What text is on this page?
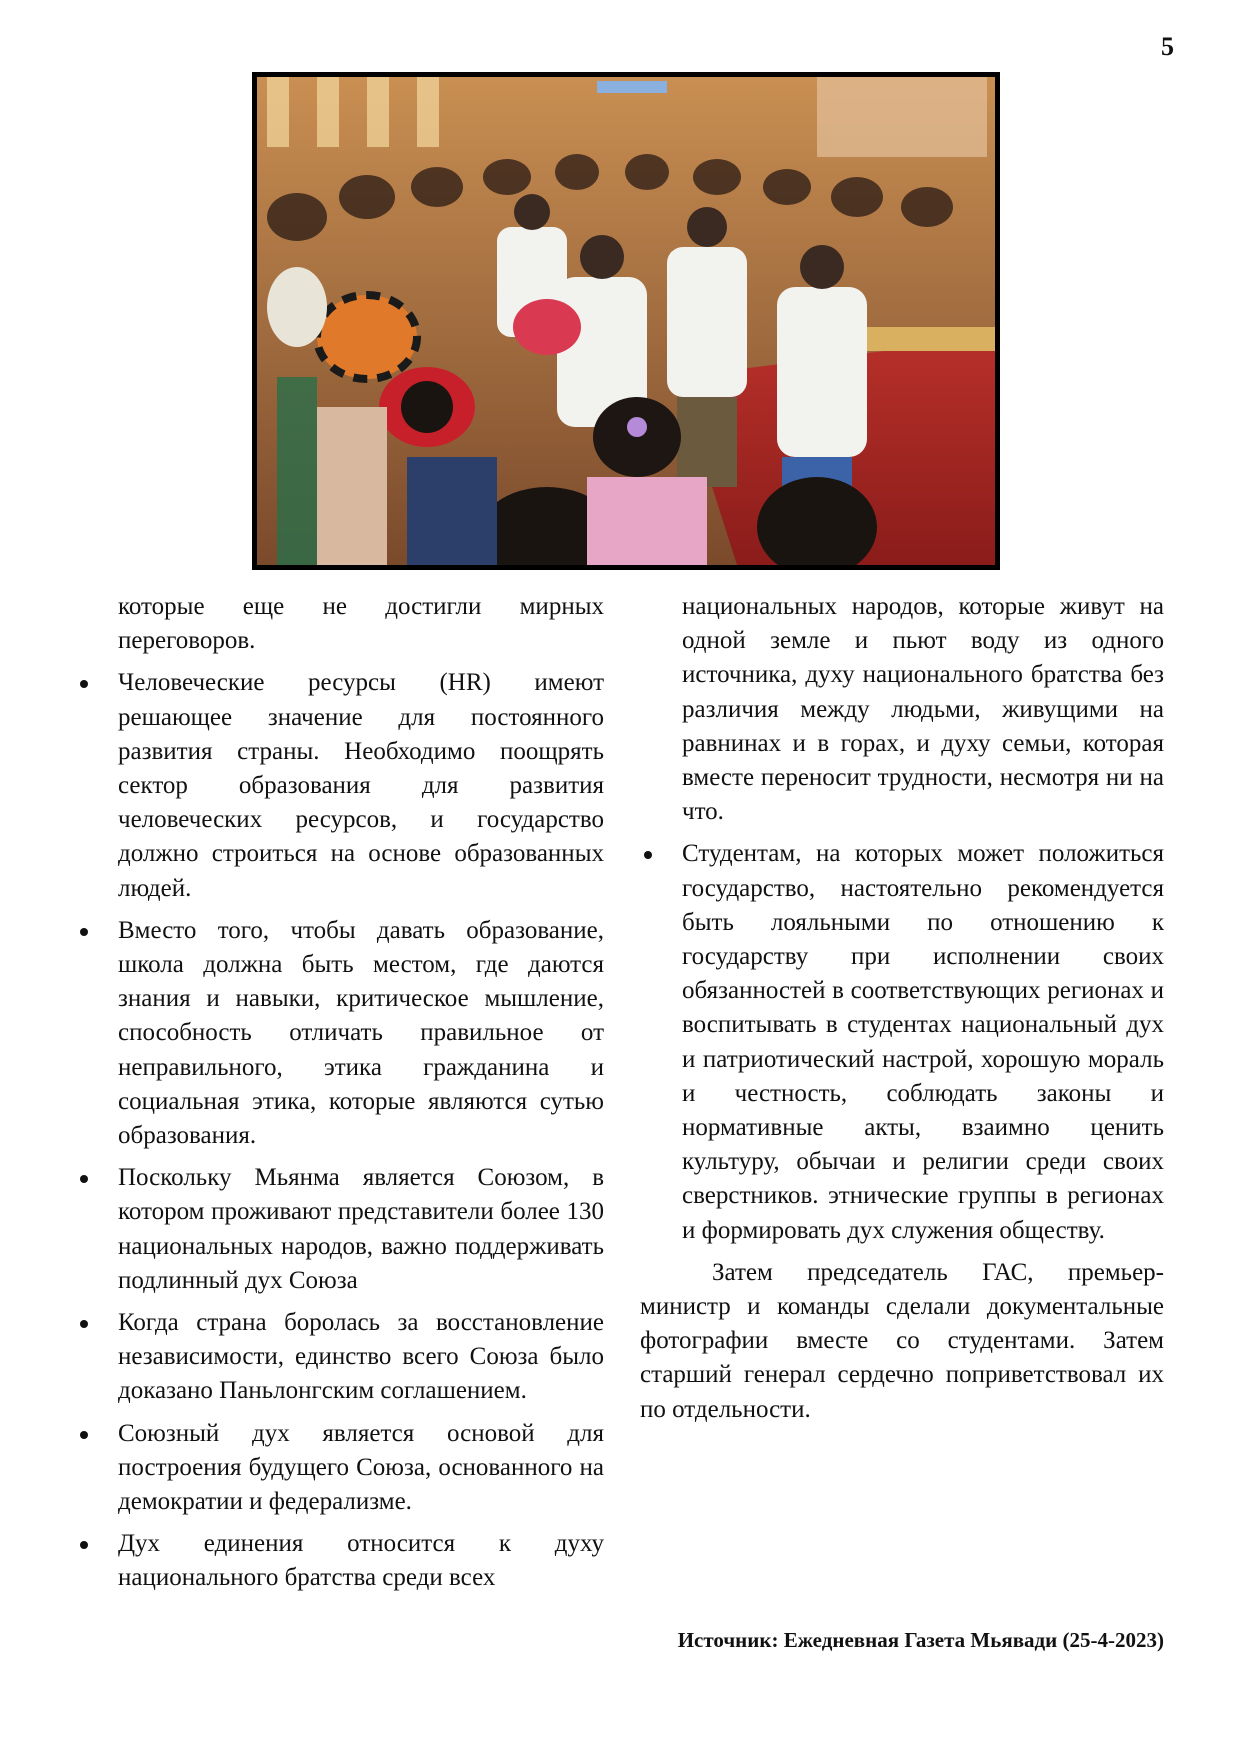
5
которые еще не достигли мирных переговоров.
Человеческие ресурсы (HR) имеют решающее значение для постоянного развития страны. Необходимо поощрять сектор образования для развития человеческих ресурсов, и государство должно строиться на основе образованных людей.
Вместо того, чтобы давать образование, школа должна быть местом, где даются знания и навыки, критическое мышление, способность отличать правильное от неправильного, этика гражданина и социальная этика, которые являются сутью образования.
Поскольку Мьянма является Союзом, в котором проживают представители более 130 национальных народов, важно поддерживать подлинный дух Союза
Когда страна боролась за восстановление независимости, единство всего Союза было доказано Паньлонгским соглашением.
Союзный дух является основой для построения будущего Союза, основанного на демократии и федерализме.
Дух единения относится к духу национального братства среди всех
национальных народов, которые живут на одной земле и пьют воду из одного источника, духу национального братства без различия между людьми, живущими на равнинах и в горах, и духу семьи, которая вместе переносит трудности, несмотря ни на что.
Студентам, на которых может положиться государство, настоятельно рекомендуется быть лояльными по отношению к государству при исполнении своих обязанностей в соответствующих регионах и воспитывать в студентах национальный дух и патриотический настрой, хорошую мораль и честность, соблюдать законы и нормативные акты, взаимно ценить культуру, обычаи и религии среди своих сверстников. этнические группы в регионах и формировать дух служения обществу.

Затем председатель ГАС, премьер-министр и команды сделали документальные фотографии вместе со студентами. Затем старший генерал сердечно поприветствовал их по отдельности.

Источник: Ежедневная Газета Мьявади (25-4-2023)
